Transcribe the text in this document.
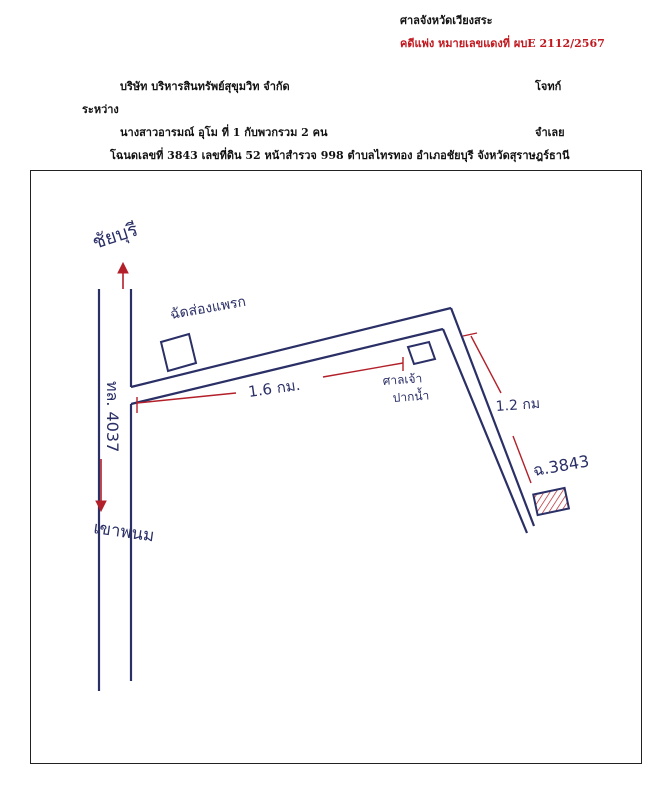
ศาลจังหวัดเวียงสระ
คดีแพ่ง หมายเลขแดงที่ ผบE 2112/2567
บริษัท บริหารสินทรัพย์สุขุมวิท จำกัด	โจทก์
ระหว่าง
นางสาวอารมณ์ อุโม ที่ 1 กับพวกรวม 2 คน	จำเลย
โฉนดเลขที่ 3843 เลขที่ดิน 52 หน้าสำรวจ 998 ตำบลไทรทอง อำเภอชัยบุรี จังหวัดสุราษฎร์ธานี
ชัยบุรี
เขาพนม
ทล. 4037
ฉัดส่องแพรก
ศาลเจ้า
ปากน้ำ
1.6 กม.
1.2 กม
ฉ.3843
